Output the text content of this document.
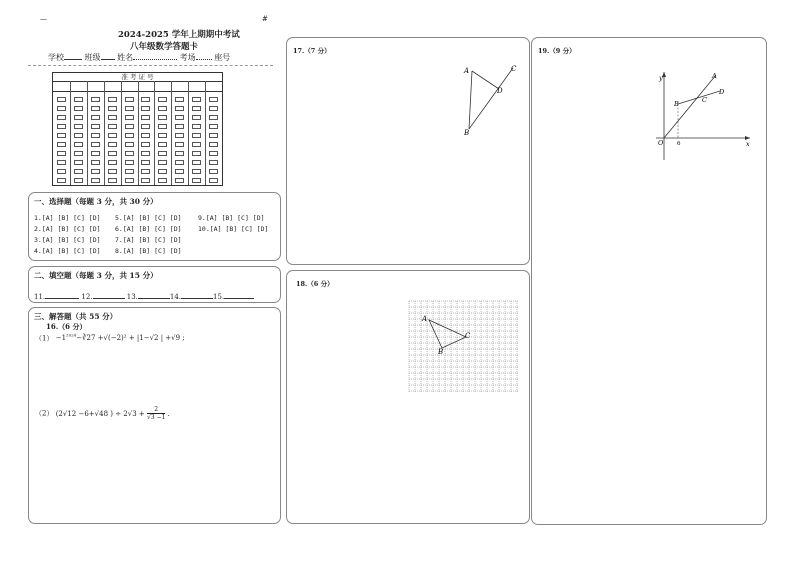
—	#
2024-2025 学年上期期中考试
八年级数学答题卡
学校	班级 姓名	考场 座号
准 考 证 号
一、选择题（每题 3 分，共 30 分）
1.[A] [B] [C] [D]
2.[A] [B] [C] [D]
3.[A] [B] [C] [D]
4.[A] [B] [C] [D]
5.[A] [B] [C] [D]
6.[A] [B] [C] [D]
7.[A] [B] [C] [D]
8.[A] [B] [C] [D]
9.[A] [B] [C] [D]
10.[A] [B] [C] [D]
二、填空题（每题 3 分，共 15 分）
11.	12.	13.	14.	15.
三、解答题（共 55 分）
16.（6 分）
$(1) -1^{2024}-∛27 +√(-2)^2 + |1-√2$ | +√9 ;
（2） (2√12 −6+√48 ) ÷ $2√3 + \frac{2}{√3 -1}$ .
17.（7 分）
A
B
C
D
18.（6 分）
A
B
C
19.（9 分）
y	A
B	C
D
O 6	x
